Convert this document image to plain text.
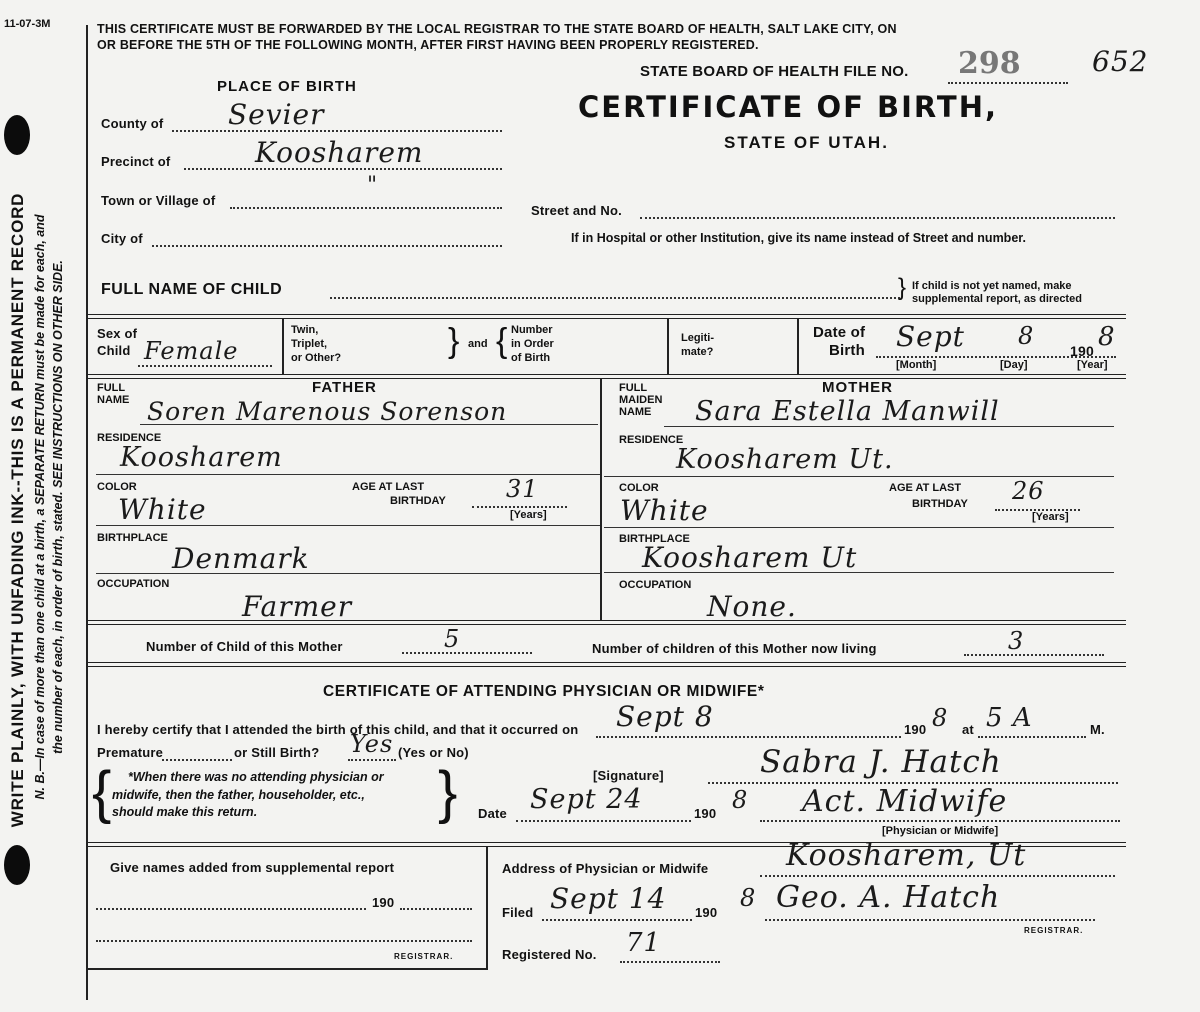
11-07-3M
WRITE PLAINLY, WITH UNFADING INK--THIS IS A PERMANENT RECORD N. B.—In case of more than one child at a birth, a SEPARATE RETURN must be made for each, and the number of each, in order of birth, stated. SEE INSTRUCTIONS ON OTHER SIDE.
THIS CERTIFICATE MUST BE FORWARDED BY THE LOCAL REGISTRAR TO THE STATE BOARD OF HEALTH, SALT LAKE CITY, ON
OR BEFORE THE 5TH OF THE FOLLOWING MONTH, AFTER FIRST HAVING BEEN PROPERLY REGISTERED.
STATE BOARD OF HEALTH FILE NO. 298	652
CERTIFICATE OF BIRTH,
STATE OF UTAH.
PLACE OF BIRTH
County of Sevier
Precinct of	Koosharem
Town or Village of
"
City of
Street and No.
If in Hospital or other Institution, give its name instead of Street and number.
FULL NAME OF CHILD	} If child is not yet named, make
supplemental report, as directed
Sex of
Child Female
Twin,
Triplet,
or Other?	} and { Number
in Order
of Birth
Legiti-
mate?
Date of
Birth Sept 8
190 8
[Month]	[Day]	[Year]
FATHER
FULL
NAME Soren Marenous Sorenson
RESIDENCE
Koosharem
COLOR
White
AGE AT LAST
BIRTHDAY	31
[Years]
BIRTHPLACE
Denmark
OCCUPATION
Farmer
MOTHER
FULL
MAIDEN
NAME Sara Estella Manwill
RESIDENCE
Koosharem Ut.
COLOR
White
AGE AT LAST
BIRTHDAY 26
[Years]
BIRTHPLACE
Koosharem Ut
OCCUPATION
None.
Number of Child of this Mother	5	Number of children of this Mother now living	3
CERTIFICATE OF ATTENDING PHYSICIAN OR MIDWIFE*
I hereby certify that I attended the birth of this child, and that it occurred on Sept 8	190 8 at 5 A	M.
Premature	or Still Birth? Yes (Yes or No)
{	}
*When there was no attending physician or
midwife, then the father, householder, etc.,
should make this return.
[Signature]	Sabra J. Hatch
Date Sept 24	190 8 Act. Midwife
[Physician or Midwife]
Give names added from supplemental report
190
REGISTRAR.
Address of Physician or Midwife	Koosharem, Ut
Filed Sept 14 190
8 Geo. A. Hatch
REGISTRAR.
Registered No. 71
